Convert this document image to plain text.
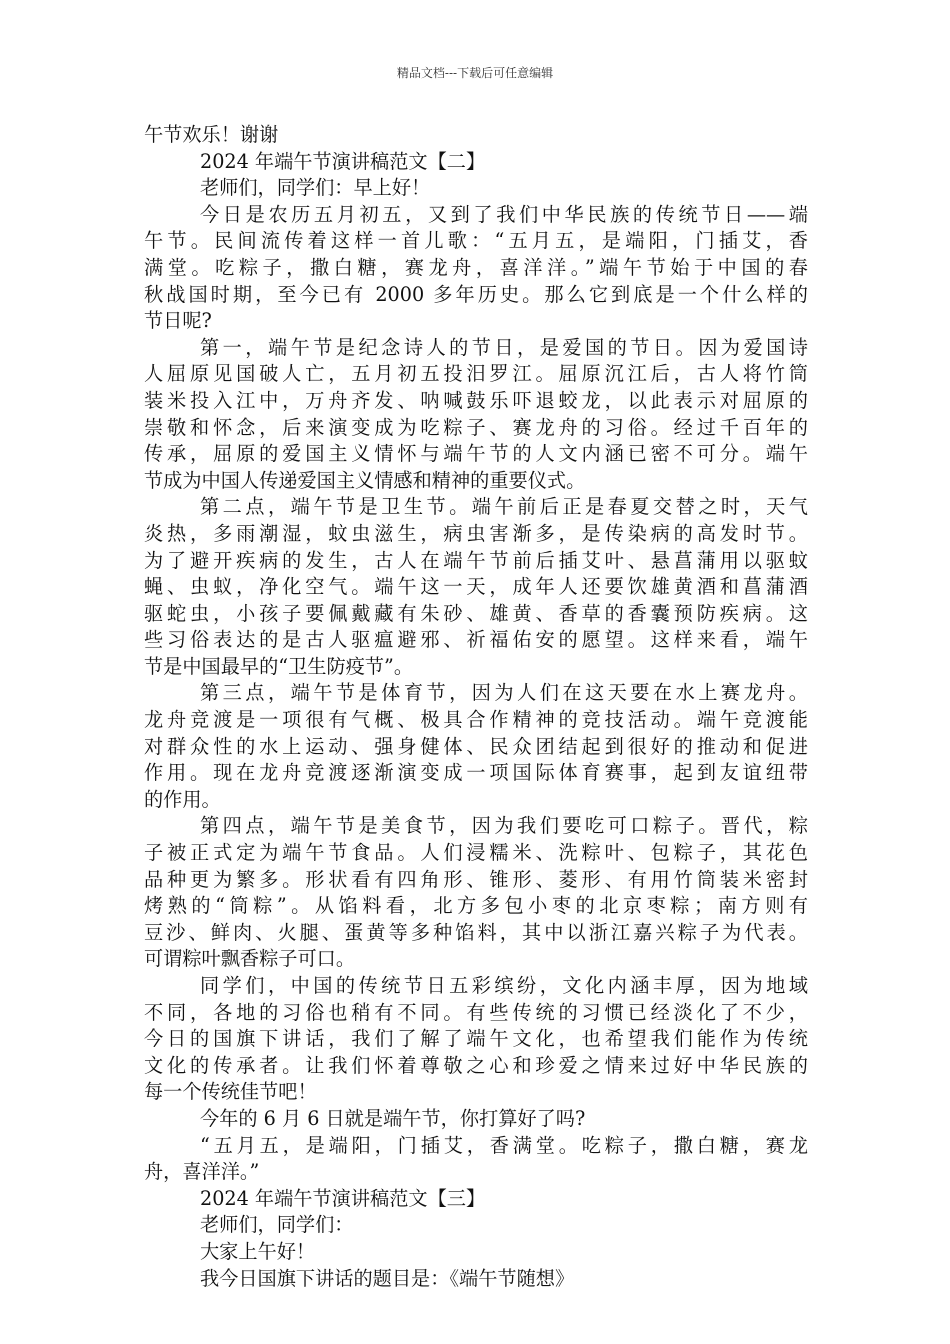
精品文档---下载后可任意编辑
午节欢乐！谢谢
2024 年端午节演讲稿范文【二】
老师们，同学们：早上好！
今日是农历五月初五，又到了我们中华民族的传统节日——端
午节。民间流传着这样一首儿歌：“五月五，是端阳，门插艾，香
满堂。吃粽子，撒白糖，赛龙舟，喜洋洋。”端午节始于中国的春
秋战国时期，至今已有 2000 多年历史。那么它到底是一个什么样的
节日呢?
第一，端午节是纪念诗人的节日，是爱国的节日。因为爱国诗
人屈原见国破人亡，五月初五投汨罗江。屈原沉江后，古人将竹筒
装米投入江中，万舟齐发、呐喊鼓乐吓退蛟龙，以此表示对屈原的
崇敬和怀念，后来演变成为吃粽子、赛龙舟的习俗。经过千百年的
传承，屈原的爱国主义情怀与端午节的人文内涵已密不可分。端午
节成为中国人传递爱国主义情感和精神的重要仪式。
第二点，端午节是卫生节。端午前后正是春夏交替之时，天气
炎热，多雨潮湿，蚊虫滋生，病虫害渐多，是传染病的高发时节。
为了避开疾病的发生，古人在端午节前后插艾叶、悬菖蒲用以驱蚊
蝇、虫蚁，净化空气。端午这一天，成年人还要饮雄黄酒和菖蒲酒
驱蛇虫，小孩子要佩戴藏有朱砂、雄黄、香草的香囊预防疾病。这
些习俗表达的是古人驱瘟避邪、祈福佑安的愿望。这样来看，端午
节是中国最早的“卫生防疫节”。
第三点，端午节是体育节，因为人们在这天要在水上赛龙舟。
龙舟竞渡是一项很有气概、极具合作精神的竞技活动。端午竞渡能
对群众性的水上运动、强身健体、民众团结起到很好的推动和促进
作用。现在龙舟竞渡逐渐演变成一项国际体育赛事，起到友谊纽带
的作用。
第四点，端午节是美食节，因为我们要吃可口粽子。晋代，粽
子被正式定为端午节食品。人们浸糯米、洗粽叶、包粽子，其花色
品种更为繁多。形状看有四角形、锥形、菱形、有用竹筒装米密封
烤熟的“筒粽”。从馅料看，北方多包小枣的北京枣粽；南方则有
豆沙、鲜肉、火腿、蛋黄等多种馅料，其中以浙江嘉兴粽子为代表。
可谓粽叶飘香粽子可口。
同学们，中国的传统节日五彩缤纷，文化内涵丰厚，因为地域
不同，各地的习俗也稍有不同。有些传统的习惯已经淡化了不少，
今日的国旗下讲话，我们了解了端午文化，也希望我们能作为传统
文化的传承者。让我们怀着尊敬之心和珍爱之情来过好中华民族的
每一个传统佳节吧！
今年的 6 月 6 日就是端午节，你打算好了吗?
“五月五，是端阳，门插艾，香满堂。吃粽子，撒白糖，赛龙
舟，喜洋洋。”
2024 年端午节演讲稿范文【三】
老师们，同学们：
大家上午好！
我今日国旗下讲话的题目是：《端午节随想》
